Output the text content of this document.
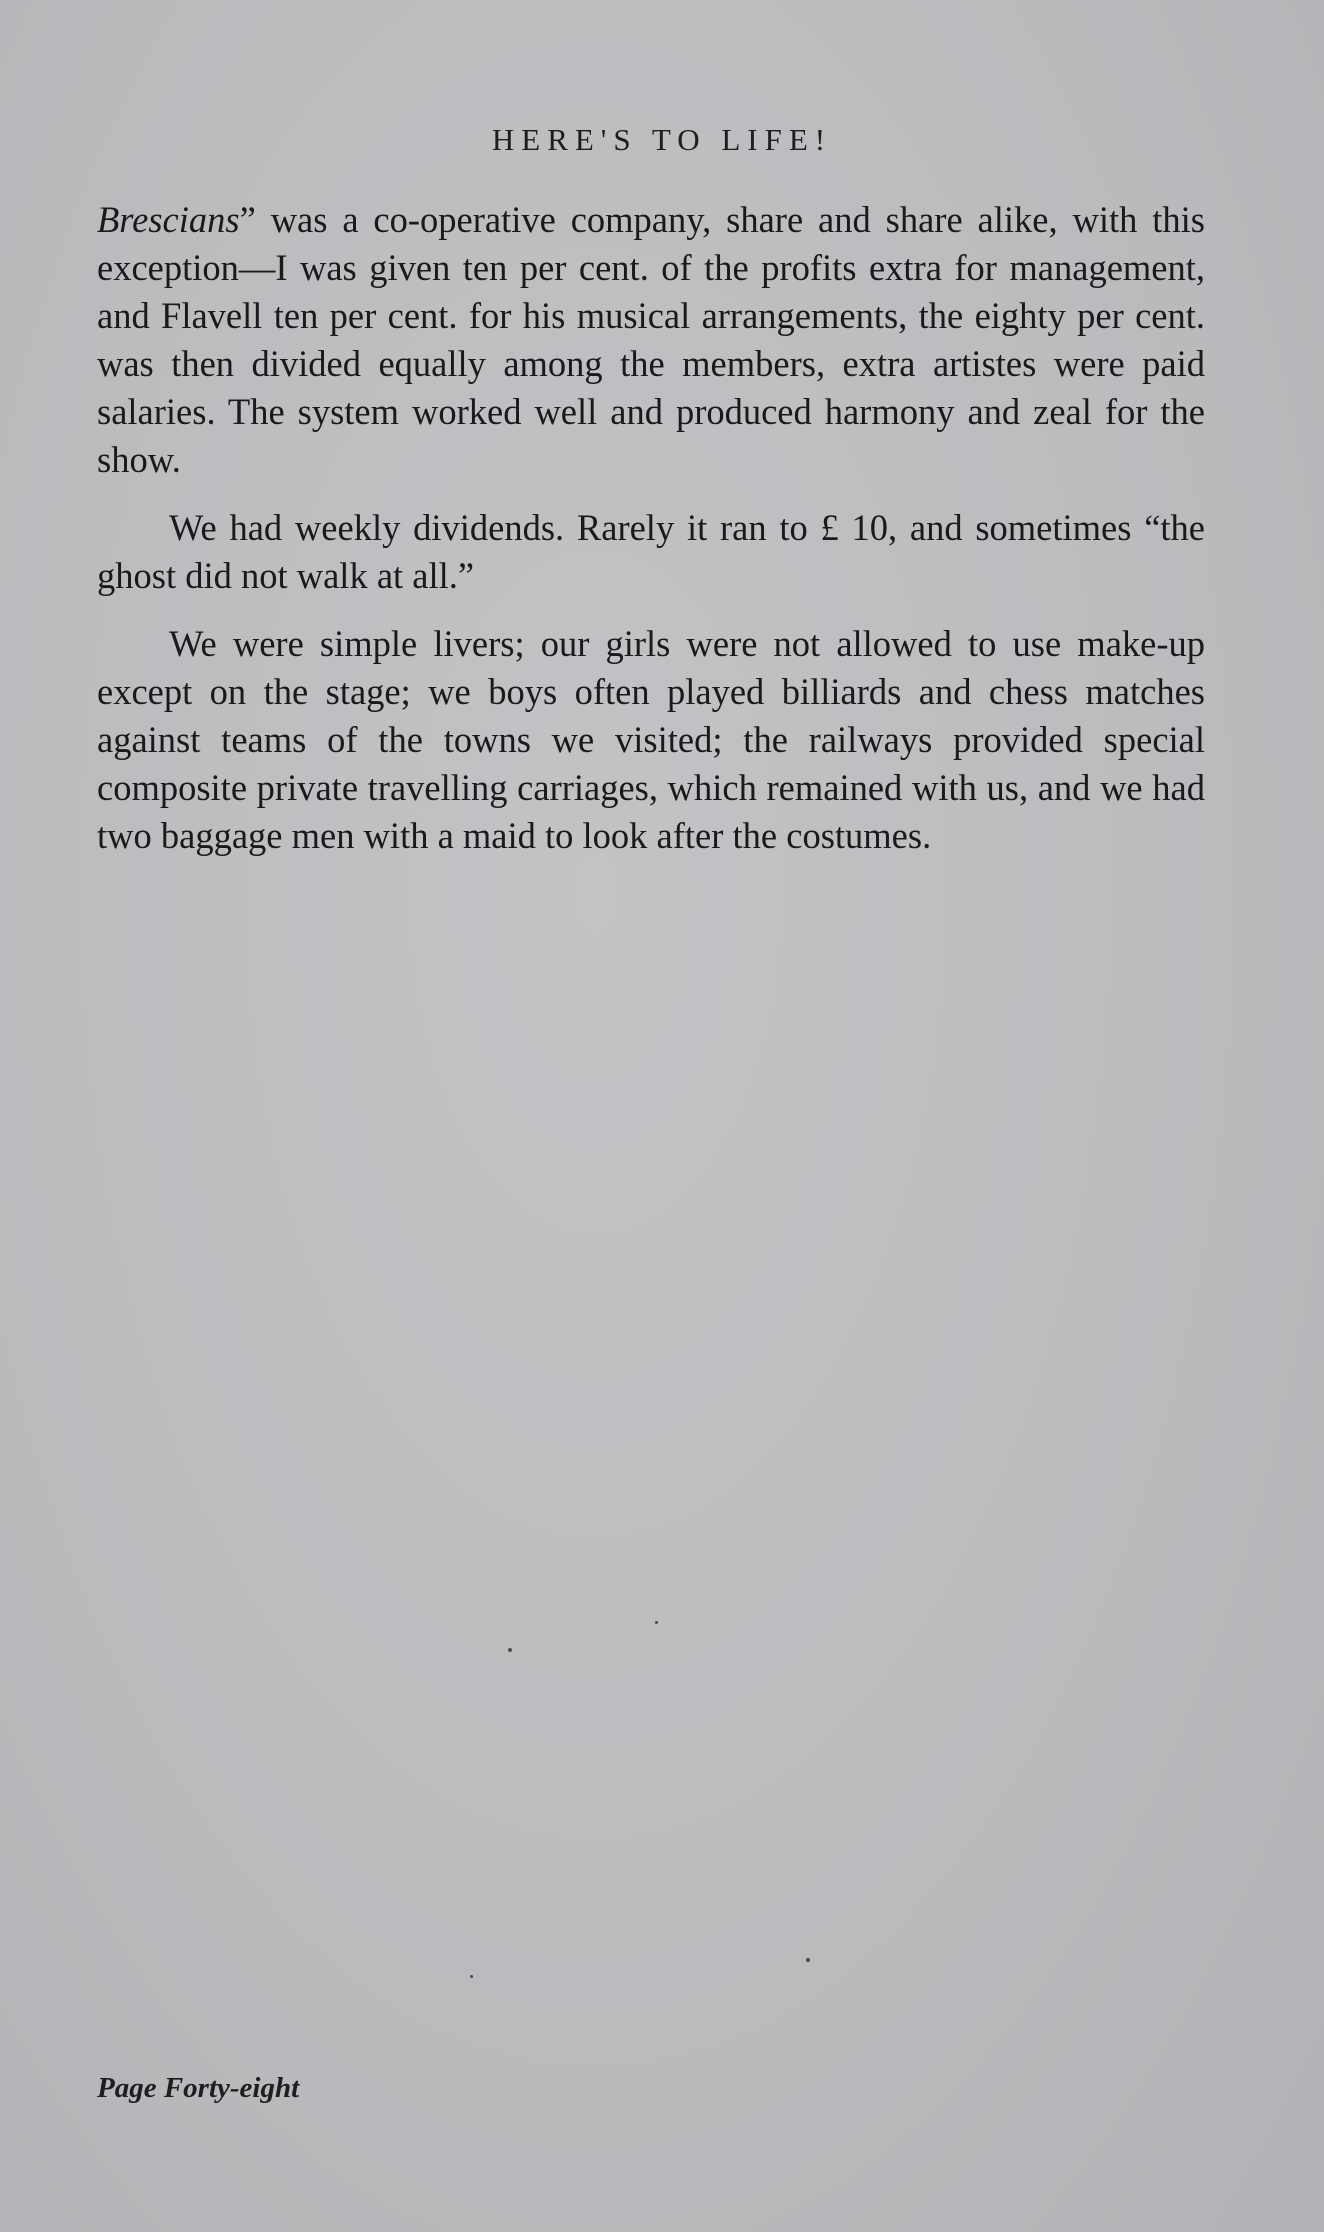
HERE'S TO LIFE!

Brescians” was a co-operative company, share and share alike, with this exception—I was given ten per cent. of the profits extra for management, and Flavell ten per cent. for his musical arrangements, the eighty per cent. was then divided equally among the members, extra artistes were paid salaries. The system worked well and produced harmony and zeal for the show.

We had weekly dividends. Rarely it ran to £ 10, and sometimes “the ghost did not walk at all.”

We were simple livers; our girls were not allowed to use make-up except on the stage; we boys often played billiards and chess matches against teams of the towns we visited; the railways provided special composite private travelling carriages, which remained with us, and we had two baggage men with a maid to look after the costumes.

Page Forty-eight
